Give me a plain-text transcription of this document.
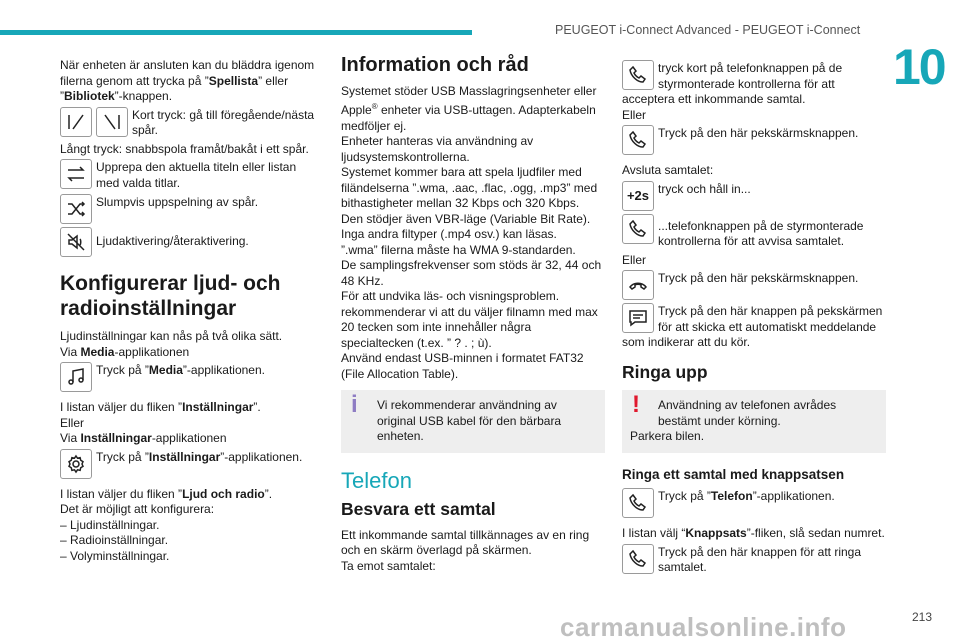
PEUGEOT i-Connect Advanced - PEUGEOT i-Connect
10
carmanualsonline.info	213

När enheten är ansluten kan du bläddra igenom filerna genom att trycka på ”Spellista” eller ”Bibliotek”-knappen.

Kort tryck: gå till föregående/nästa spår.

Långt tryck: snabbspola framåt/bakåt i ett spår.

Upprepa den aktuella titeln eller listan med valda titlar.
Slumpvis uppspelning av spår.
Ljudaktivering/återaktivering.
Konfigurerar ljud- och radioinställningar

Ljudinställningar kan nås på två olika sätt.

Via Media-applikationen

Tryck på ”Media”-applikationen.

I listan väljer du fliken ”Inställningar”.

Eller

Via Inställningar-applikationen

Tryck på ”Inställningar”-applikationen.

I listan väljer du fliken ”Ljud och radio”.

Det är möjligt att konfigurera:

– Ljudinställningar.

– Radioinställningar.

– Volyminställningar.

Information och råd

Systemet stöder USB Masslagringsenheter eller Apple® enheter via USB-uttagen. Adapterkabeln medföljer ej.

Enheter hanteras via användning av ljudsystemskontrollerna.

Systemet kommer bara att spela ljudfiler med filändelserna ”.wma, .aac, .flac, .ogg, .mp3” med bithastigheter mellan 32 Kbps och 320 Kbps.

Den stödjer även VBR-läge (Variable Bit Rate).

Inga andra filtyper (.mp4 osv.) kan läsas.

”.wma” filerna måste ha WMA 9-standarden.

De samplingsfrekvenser som stöds är 32, 44 och 48 KHz.

För att undvika läs- och visningsproblem. rekommenderar vi att du väljer filnamn med max 20 tecken som inte innehåller några specialtecken (t.ex. ” ? . ; ù).

Använd endast USB-minnen i formatet FAT32 (File Allocation Table).

i	Vi rekommenderar användning av original USB kabel för den bärbara enheten.

Telefon
Besvara ett samtal

Ett inkommande samtal tillkännages av en ring och en skärm överlagd på skärmen.

Ta emot samtalet:

tryck kort på telefonknappen på de styrmonterade kontrollerna för att

acceptera ett inkommande samtal.

Eller

Tryck på den här pekskärmsknappen.

Avsluta samtalet:

+2s tryck och håll in...
...telefonknappen på de styrmonterade kontrollerna för att avvisa samtalet.

Eller

Tryck på den här pekskärmsknappen.
Tryck på den här knappen på pekskärmen för att skicka ett automatiskt meddelande

som indikerar att du kör.

Ringa upp
!	Användning av telefonen avrådes bestämt under körning.

Parkera bilen.

Ringa ett samtal med knappsatsen
Tryck på ”Telefon”-applikationen.

I listan välj “Knappsats”-fliken, slå sedan numret.

Tryck på den här knappen för att ringa samtalet.
